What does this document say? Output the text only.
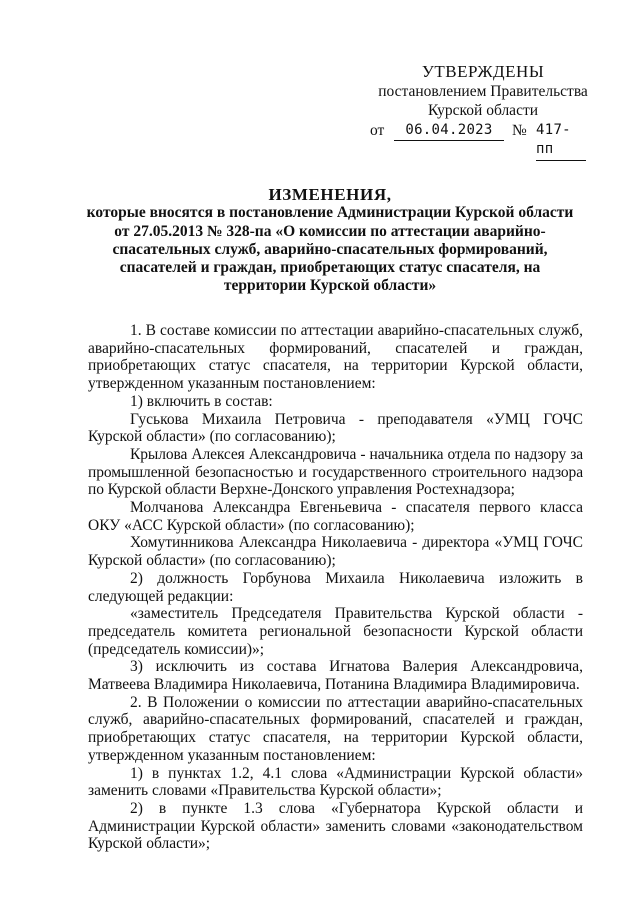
УТВЕРЖДЕНЫ
постановлением Правительства
Курской области
от	06.04.2023	№ 417-пп
ИЗМЕНЕНИЯ,
которые вносятся в постановление Администрации Курской области
от 27.05.2013 № 328-па «О комиссии по аттестации аварийно-
спасательных служб, аварийно-спасательных формирований,
спасателей и граждан, приобретающих статус спасателя, на
территории Курской области»

1. В составе комиссии по аттестации аварийно-спасательных служб, аварийно-спасательных формирований, спасателей и граждан, приобретающих статус спасателя, на территории Курской области, утвержденном указанным постановлением:

1) включить в состав:

Гуськова Михаила Петровича - преподавателя «УМЦ ГОЧС Курской области» (по согласованию);

Крылова Алексея Александровича - начальника отдела по надзору за промышленной безопасностью и государственного строительного надзора по Курской области Верхне-Донского управления Ростехнадзора;

Молчанова Александра Евгеньевича - спасателя первого класса ОКУ «АСС Курской области» (по согласованию);

Хомутинникова Александра Николаевича - директора «УМЦ ГОЧС Курской области» (по согласованию);

2) должность Горбунова Михаила Николаевича изложить в следующей редакции:

«заместитель Председателя Правительства Курской области - председатель комитета региональной безопасности Курской области (председатель комиссии)»;

3) исключить из состава Игнатова Валерия Александровича, Матвеева Владимира Николаевича, Потанина Владимира Владимировича.

2. В Положении о комиссии по аттестации аварийно-спасательных служб, аварийно-спасательных формирований, спасателей и граждан, приобретающих статус спасателя, на территории Курской области, утвержденном указанным постановлением:

1) в пунктах 1.2, 4.1 слова «Администрации Курской области» заменить словами «Правительства Курской области»;

2) в пункте 1.3 слова «Губернатора Курской области и Администрации Курской области» заменить словами «законодательством Курской области»;
